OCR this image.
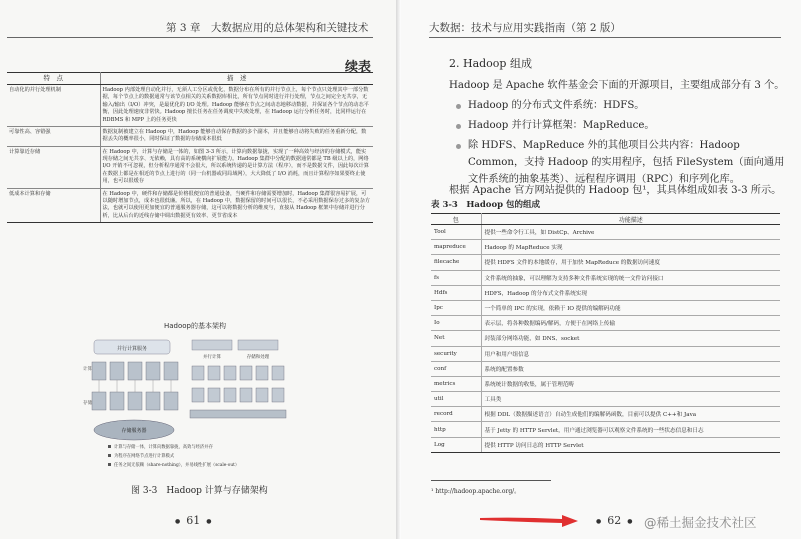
第 3 章　大数据应用的总体架构和关键技术
续表
特　点	描　述
自动化的并行处理机制	Hadoop 内部处理自动化并行，无须人工分区或优化，数据分布在所有的并行节点上，每个节点只处理其中一部分数据，每个节点上的数据通常与该节点相关的关系数据库相比，所有节点同时进行并行处理，节点之间完全无共享，无输入/输出（I/O）冲突，是最优化的 I/O 处理。Hadoop 能够在节点之间动态地移动数据，并保证各个节点的动态平衡，因此处理速度非常快。Hadoop 擅长任务在任务调度中失败处理，在 Hadoop 运行分析任务时，比同样运行在 RDBMS 和 MPP 上的任务更快
可靠性高、容错强	数据复制被建立在 Hadoop 中，Hadoop 能够自动保存数据的多个副本，并且能够自动将失败的任务重新分配，数据丢失的概率很小，同时保证了数据的存储成本很低
计算靠近存储	在 Hadoop 中，计算与存储是一体的，如图 3-3 所示，计算向数据靠拢，实现了一种高效与经济的存储模式，能实现存储之间无共享、无依赖，具有高的系统横向扩展能力。Hadoop 集群中分配的数据通常都是 TB 级以上的，网络 I/O 开销不可忽视，但分析程序通常不会很大，所以系统传递的是计算方法（程序），而不是数据文件，因此每次计算在数据上都是在相近的节点上进行的（同一台机器或同局域网），大大降低了 I/O 消耗，而且计算程序如果要终止使用，也可以很缓存
低成本计算和存储	在 Hadoop 中，硬件和存储都是价格很便宜的普通设备，当硬件和存储需要增加时，Hadoop 集群很容易扩展，可以随时增加节点，成本也很低廉。所以，在 Hadoop 中，数据保留的时间可以很长，不必采用数据保存过多的复杂方法，也就可以使用更加便宜的普通服务器存储，这可以将数据分析的维度与，直接从 Hadoop 框架中存储并进行分析，比从后台的近线存储中调出数据更有效率、更节省成本
Hadoop的基本架构
并行计算服务
存储服务器
计算
存储
并行计算	存储和处理
计算与存储一体，计算向数据靠拢，高效与经济并存
为程序在网络节点进行计算模式
任务之间无依赖（share-nothing），并易线性扩展（scale-out）
图 3-3　Hadoop 计算与存储架构
● 61 ●
大数据：技术与应用实践指南（第 2 版）
2. Hadoop 组成
Hadoop 是 Apache 软件基金会下面的开源项目，主要组成部分有 3 个。
Hadoop 的分布式文件系统：HDFS。
Hadoop 并行计算框架：MapReduce。
除 HDFS、MapReduce 外的其他项目公共内容：Hadoop Common，支持 Hadoop 的实用程序，包括 FileSystem（面向通用文件系统的抽象基类）、远程程序调用（RPC）和序列化库。
根据 Apache 官方网站提供的 Hadoop 包¹，其具体组成如表 3-3 所示。
表 3-3　Hadoop 包的组成
包	功能描述
Tool	提供一些命令行工具，如 DistCp、Archive
mapreduce	Hadoop 的 MapReduce 实现
filecache	提供 HDFS 文件的本地缓存，用于加快 MapReduce 的数据访问速度
fs	文件系统的抽象，可以理解为支持多种文件系统实现的统一文件访问接口
Hdfs	HDFS，Hadoop 的分布式文件系统实现
Ipc	一个简单的 IPC 的实现，依赖于 IO 提供的编解码功能
Io	表示层，将各种数据编码/解码，方便于在网络上传输
Net	封装部分网络功能，如 DNS、socket
security	用户和用户组信息
conf	系统的配置参数
metrics	系统统计数据的收集，属于管理范畴
util	工具类
record	根据 DDL（数据描述语言）自动生成他们的编解码函数，目前可以提供 C++和 Java
http	基于 Jetty 的 HTTP Servlet，用户通过浏览器可以观察文件系统的一些状态信息和日志
Log	提供 HTTP 访问日志的 HTTP Servlet
¹ http://hadoop.apache.org/。
● 62 ● @稀土掘金技术社区
